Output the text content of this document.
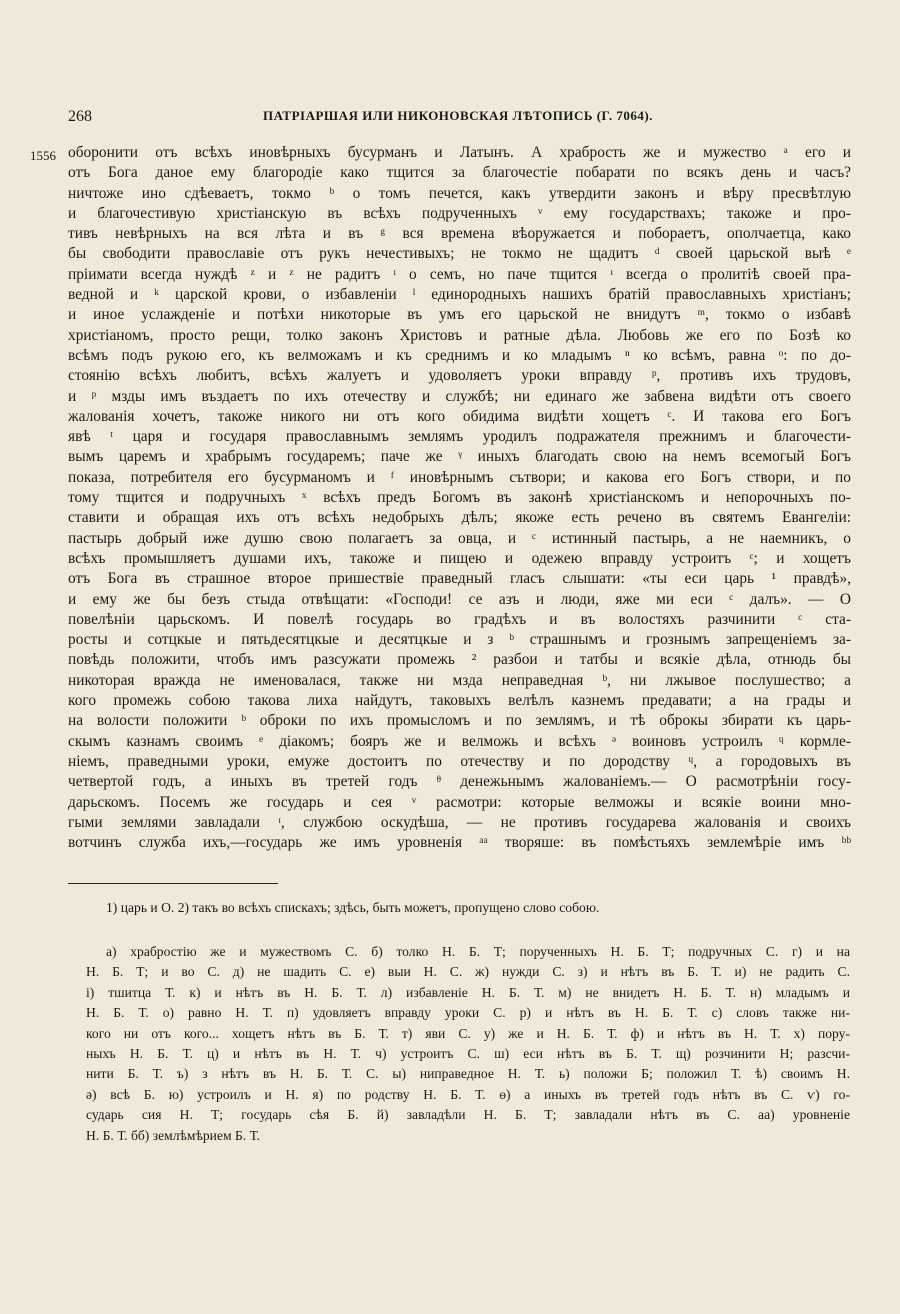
268	ПАТРІАРШАЯ ИЛИ НИКОНОВСКАЯ ЛѢТОПИСЬ (Г. 7064).
1556 оборонити отъ всѣхъ иновѣрныхъ бусурманъ и Латынъ. А храбрость же и мужество ᵃ его и
отъ Бога даное ему благородіе како тщится за благочестіе побарати по всякъ день и часъ?
ничтоже ино сдѣеваетъ, токмо ᵇ о томъ печется, какъ утвердити законъ и вѣру пресвѣтлую
и благочестивую христіанскую въ всѣхъ подрученныхъ ᵛ ему государствахъ; такоже и про-
тивъ невѣрныхъ на вся лѣта и въ ᵍ вся времена вѣоружается и побораетъ, ополчаетца, како
бы свободити православіе отъ рукъ нечестивыхъ; не токмо не щадитъ ᵈ своей царьской выѣ ᵉ
пріимати всегда нуждѣ ᶻ и ᶻ не радитъ ᶦ о семъ, но паче тщится ᶦ всегда о пролитіѣ своей пра-
ведной и ᵏ царской крови, о избавленіи ˡ единородныхъ нашихъ братій православныхъ христіанъ;
и иное услажденіе и потѣхи никоторые въ умъ его царьской не внидутъ ᵐ, токмо о избавѣ
христіаномъ, просто рещи, толко законъ Христовъ и ратные дѣла. Любовь же его по Бозѣ ко
всѣмъ подъ рукою его, къ велможамъ и къ среднимъ и ко младымъ ⁿ ко всѣмъ, равна ᵒ: по до-
стоянію всѣхъ любитъ, всѣхъ жалуетъ и удоволяетъ уроки вправду ᵖ, противъ ихъ трудовъ,
и ᵖ мзды имъ въздаетъ по ихъ отечеству и службѣ; ни единаго же забвена видѣти отъ своего
жалованія хочетъ, такоже никого ни отъ кого обидима видѣти хощетъ ᶜ. И такова его Богъ
явѣ ᵗ царя и государя православнымъ землямъ уродилъ подражателя прежнимъ и благочести-
вымъ царемъ и храбрымъ государемъ; паче же ᵞ иныхъ благодать свою на немъ всемогый Богъ
показа, потребителя его бусурманомъ и ᶠ иновѣрнымъ сътвори; и какова его Богъ створи, и по
тому тщится и подручныхъ ˣ всѣхъ предъ Богомъ въ законѣ христіанскомъ и непорочныхъ по-
ставити и обращая ихъ отъ всѣхъ недобрыхъ дѣлъ; якоже есть речено въ святемъ Евангеліи:
пастырь добрый иже душю свою полагаетъ за овца, и ᶜ истинный пастырь, а не наемникъ, о
всѣхъ промышляетъ душами ихъ, такоже и пищею и одежею вправду устроитъ ᶜ; и хощетъ
отъ Бога въ страшное второе пришествіе праведный гласъ слышати: «ты еси царь ¹ правдѣ»,
и ему же бы безъ стыда отвѣщати: «Господи! се азъ и люди, яже ми еси ᶜ далъ». — О
повелѣніи царьскомъ. И повелѣ государь во градѣхъ и въ волостяхъ разчинити ᶜ ста-
росты и сотцкые и пятьдесятцкые и десятцкые и з ᵇ страшнымъ и грознымъ запрещеніемъ за-
повѣдь положити, чтобъ имъ разсужати промежь ² разбои и татбы и всякіе дѣла, отнюдь бы
никоторая вражда не именовалася, также ни мзда неправедная ᵇ, ни лжывое послушество; а
кого промежь собою такова лиха найдутъ, таковыхъ велѣлъ казнемъ предавати; а на грады и
на волости положити ᵇ оброки по ихъ промысломъ и по землямъ, и тѣ оброкы збирати къ царь-
скымъ казнамъ своимъ ᵉ діакомъ; бояръ же и велможь и всѣхъ ᵊ воиновъ устроилъ ᶣ кормле-
ніемъ, праведными уроки, емуже достоитъ по отечеству и по дородству ᶣ, а городовыхъ въ
четвертой годъ, а иныхъ въ третей годъ ᶿ денежьнымъ жалованіемъ.— О расмотрѣніи госу-
дарьскомъ. Посемъ же государь и сея ᵛ расмотри: которые велможы и всякіе воини мно-
гыми землями завладали ᶦ, службою оскудѣша, — не противъ государева жалованія и своихъ
вотчинъ служба ихъ,—государь же имъ уровненія ᵃᵃ творяше: въ помѣстьяхъ землемѣріе имъ ᵇᵇ
1) царь и О. 2) такъ во всѣхъ спискахъ; здѣсь, быть можетъ, пропущено слово собою.
а) храбростію же и мужествомъ С. б) толко Н. Б. Т; порученныхъ Н. Б. Т; подручных С. г) и на
Н. Б. Т; и во С. д) не шадить С. е) выи Н. С. ж) нужди С. з) и нѣтъ въ Б. Т. и) не радить С.
і) тшитца Т. к) и нѣтъ въ Н. Б. Т. л) избавленіе Н. Б. Т. м) не внидетъ Н. Б. Т. н) младымъ и
Н. Б. Т. о) равно Н. Т. п) удовляетъ вправду уроки С. р) и нѣтъ въ Н. Б. Т. с) словъ также ни-
кого ни отъ кого... хощетъ нѣтъ въ Б. Т. т) яви С. у) же и Н. Б. Т. ф) и нѣтъ въ Н. Т. х) пору-
ныхъ Н. Б. Т. ц) и нѣтъ въ Н. Т. ч) устроитъ С. ш) еси нѣтъ въ Б. Т. щ) розчинити Н; разсчи-
нити Б. Т. ъ) з нѣтъ въ Н. Б. Т. С. ы) ниправедное Н. Т. ь) положи Б; положил Т. ѣ) своимъ Н.
ә) всѣ Б. ю) устроилъ и Н. я) по родству Н. Б. Т. ѳ) а иныхъ въ третей годъ нѣтъ въ С. ѵ) го-
сударь сия Н. Т; государь сѣя Б. й) завладѣли Н. Б. Т; завладали нѣтъ въ С. аа) уровненіе
Н. Б. Т. бб) землѣмѣрием Б. Т.
